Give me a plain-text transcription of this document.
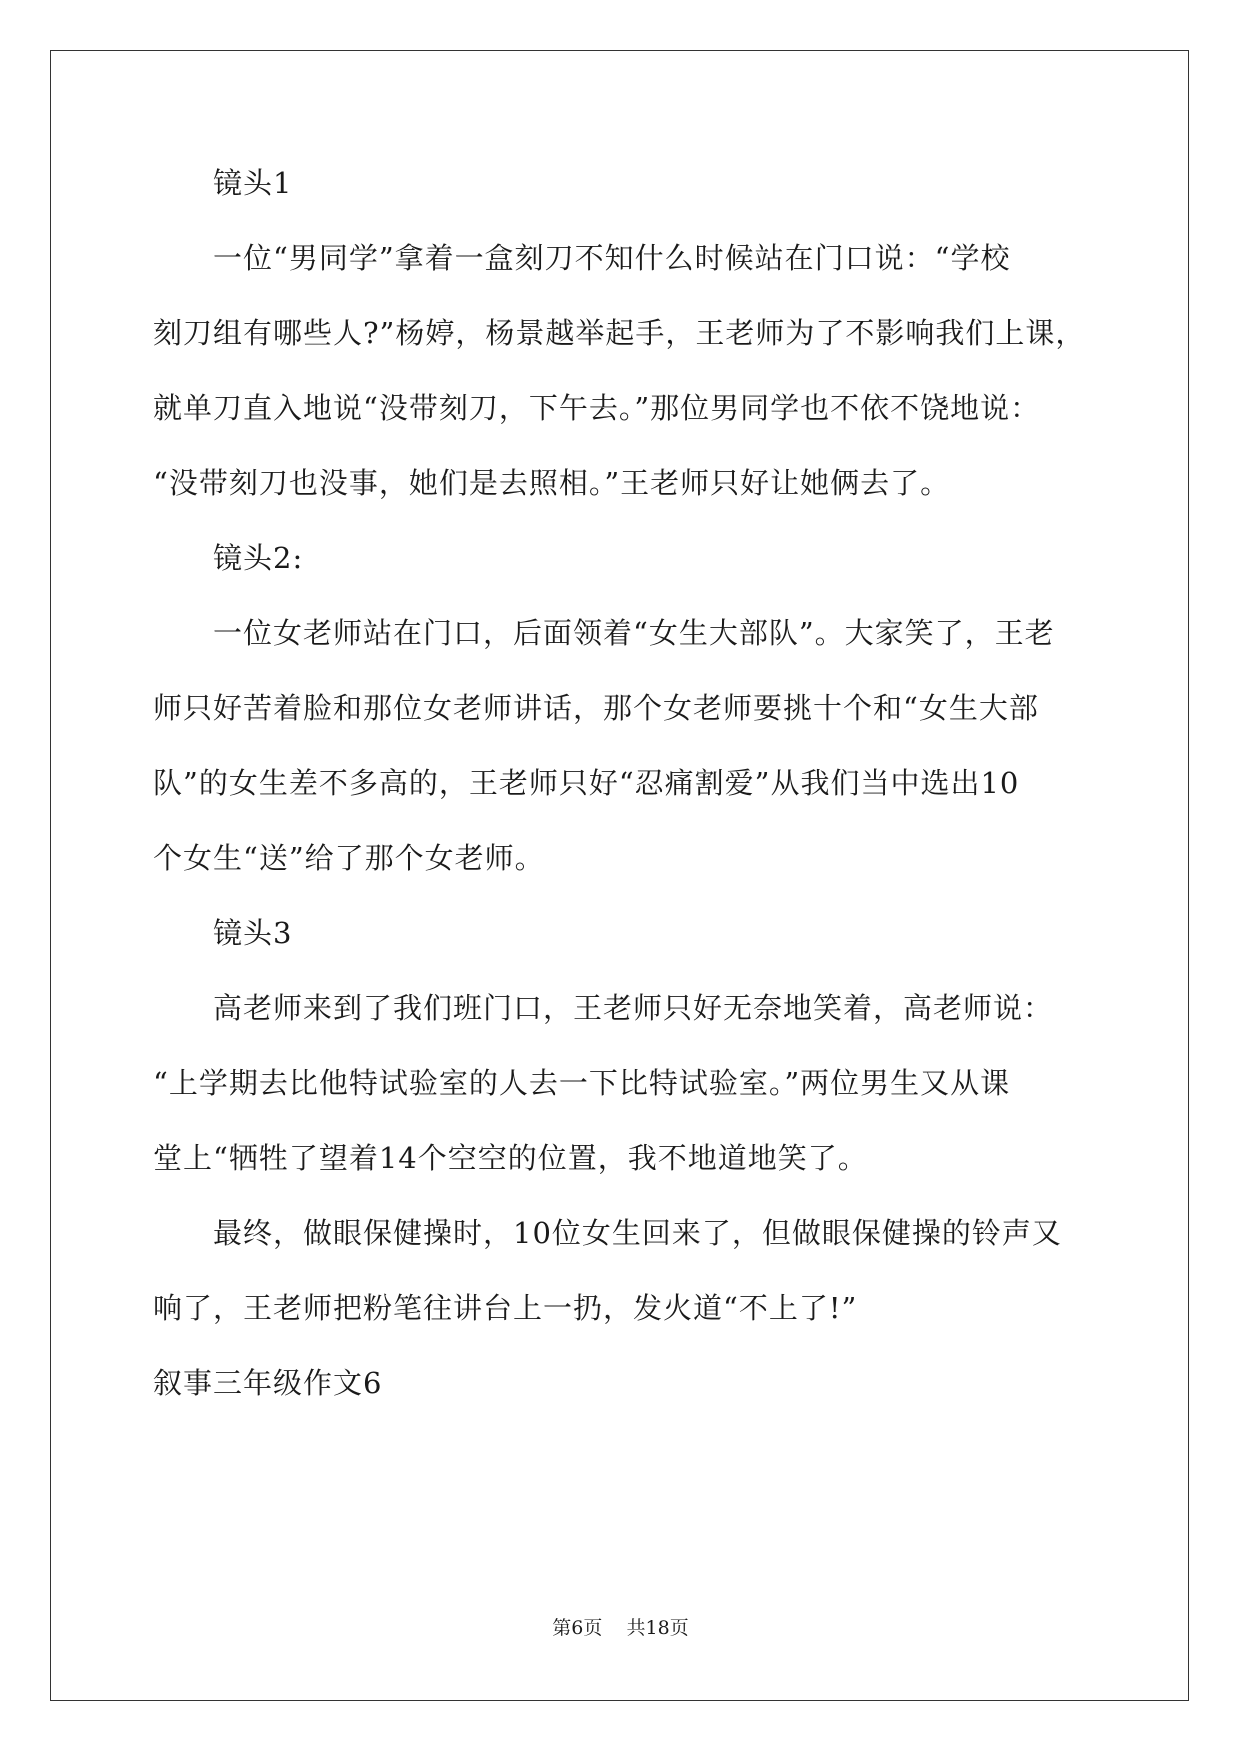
　　镜头1
　　一位“男同学”拿着一盒刻刀不知什么时候站在门口说：“学校
刻刀组有哪些人?”杨婷，杨景越举起手，王老师为了不影响我们上课，
就单刀直入地说“没带刻刀，下午去。”那位男同学也不依不饶地说：
“没带刻刀也没事，她们是去照相。”王老师只好让她俩去了。
　　镜头2:
　　一位女老师站在门口，后面领着“女生大部队”。大家笑了，王老
师只好苦着脸和那位女老师讲话，那个女老师要挑十个和“女生大部
队”的女生差不多高的，王老师只好“忍痛割爱”从我们当中选出10
个女生“送”给了那个女老师。
　　镜头3
　　高老师来到了我们班门口，王老师只好无奈地笑着，高老师说：
“上学期去比他特试验室的人去一下比特试验室。”两位男生又从课
堂上“牺牲了望着14个空空的位置，我不地道地笑了。
　　最终，做眼保健操时，10位女生回来了，但做眼保健操的铃声又
响了，王老师把粉笔往讲台上一扔，发火道“不上了!”
叙事三年级作文6
第6页 共18页
